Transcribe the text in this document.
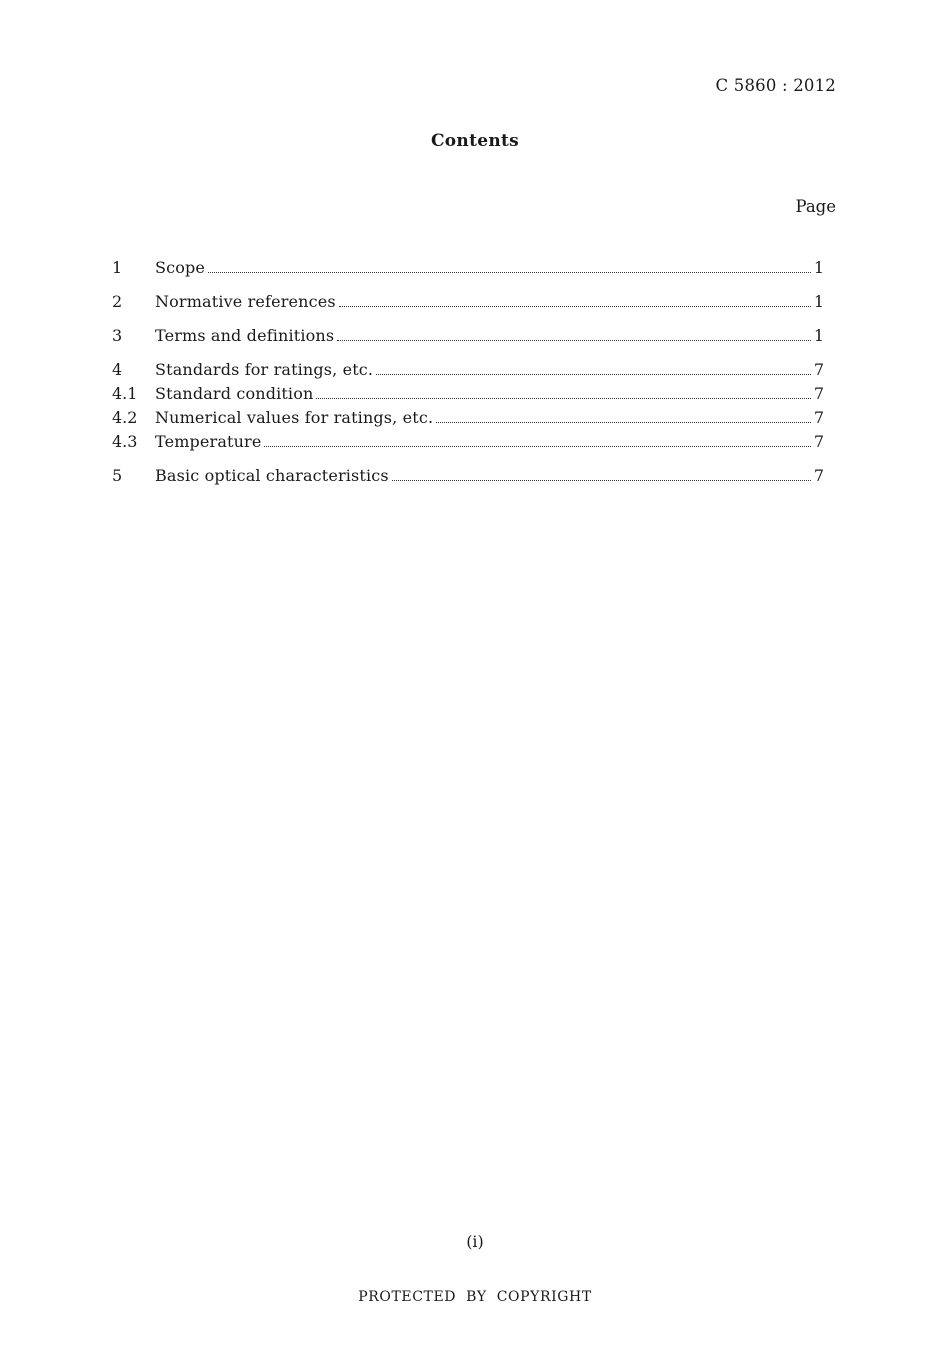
C 5860 : 2012
Contents
Page
1	Scope	1
2	Normative references	1
3	Terms and definitions	1
4	Standards for ratings, etc.	7
4.1	Standard condition	7
4.2	Numerical values for ratings, etc.	7
4.3	Temperature	7
5	Basic optical characteristics	7
(i)
PROTECTED BY COPYRIGHT
